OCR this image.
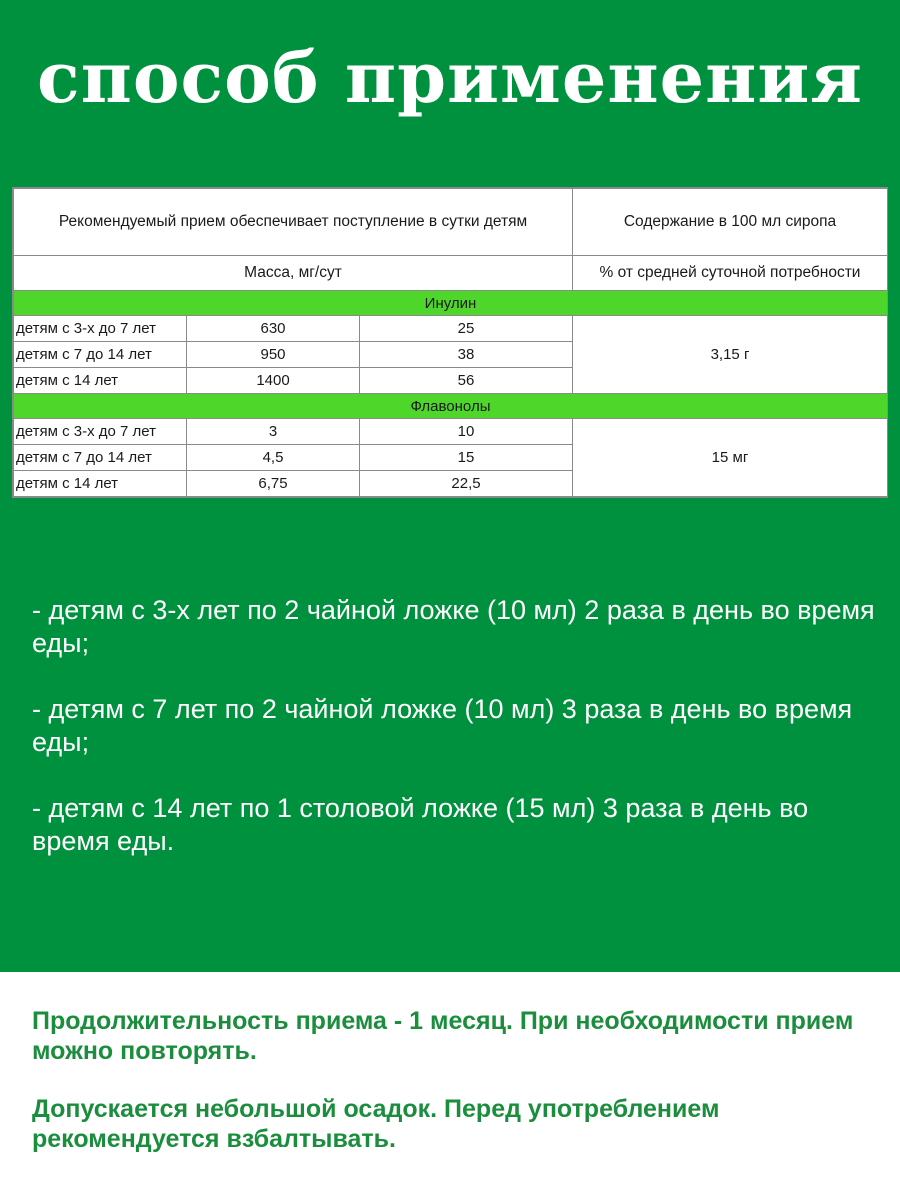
способ применения
Рекомендуемый прием обеспечивает поступление в сутки детям			Содержание в 100 мл сиропа
Масса, мг/сут			% от средней суточной потребности
Инулин			
детям с 3-х до 7 лет	630	25	3,15 г
детям с 7 до 14 лет	950	38	
детям с 14 лет	1400	56	
Флавонолы			
детям с 3-х до 7 лет	3	10	15 мг
детям с 7 до 14 лет	4,5	15	
детям с 14 лет	6,75	22,5	

- детям с 3-х лет по 2 чайной ложке (10 мл) 2 раза в день во время еды;

- детям с 7 лет по 2 чайной ложке (10 мл) 3 раза в день во время еды;

- детям с 14 лет по 1 столовой ложке (15 мл) 3 раза в день во время еды.

Продолжительность приема - 1 месяц. При необходимости прием можно повторять.

Допускается небольшой осадок. Перед употреблением рекомендуется взбалтывать.
